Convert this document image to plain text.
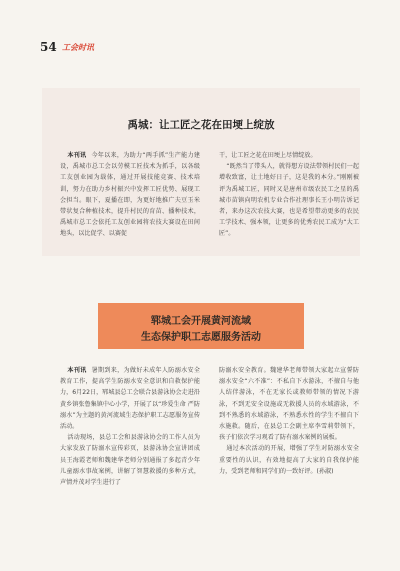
54 工会时讯
禹城：让工匠之花在田埂上绽放

本刊讯 今年以来，为助力“两手抓”生产能力建设，禹城市总工会以劳模工匠技术为抓手，以各级工友创业园为载体，通过开展技能竞赛、技术培训，努力在助力乡村振兴中发挥工匠优势、展现工会担当。眼下，夏播在即，为更好地推广夫豆玉米带状复合种植技术，提升村民的育苗、播种技术，禹城市总工会依托工友创业园将农技大赛设在田间地头，以比促学、以赛促

干，让工匠之花在田埂上尽情绽放。

“既然当了带头人，就得想方设法带领村民们一起增收致富，让土地好日子，这是我的本分。”刚刚被评为禹城工匠，同时又是唐州市级农民工之星的禹城市苗镇向明农机专业合作社理事长王小明告诉记者，来办这次农技大赛，也是希望带动更多的农民工学技术、强本领，让更多的优秀农民工成为“大工匠”。

郓城工会开展黄河流域
生态保护职工志愿服务活动

本刊讯 暑期到来，为做好未成年人防溺水安全教育工作，提高学生防溺水安全意识和自救保护能力，6月22日，郓城县总工会联合县游泳协会走进沿黄乡镇张鲁集镇中心小学，开展了以“珍爱生命 严防溺水”为主题的黄河流域生态保护职工志愿服务宣传活动。

活动现场，县总工会和县游泳协会的工作人员为大家发放了防溺水宣传彩页，县游泳协会宣讲团成员王海霞老师和魏建华老师分别通报了多起青少年儿童溺水事故案例，讲解了智慧救援的多种方式，声情并茂对学生进行了

防溺水安全教育。魏建华老师带领大家起立宣誓防溺水安全“六不准”：不私自下水游泳，不擅自与他人结伴游泳，不在无家长或教师带领的情况下游泳，不到无安全设施或无救援人员的水域游泳，不到不熟悉的水域游泳，不熟悉水性的学生不擅自下水施救。随后，在县总工会副主席李雪莉带领下，孩子们依次学习观看了防有溺水案例的展板。

通过本次活动的开展，增强了学生对防溺水安全重要性的认识，有效地提高了大家的自我保护能力，受到老师和同学们的一致好评。(孙淑)
